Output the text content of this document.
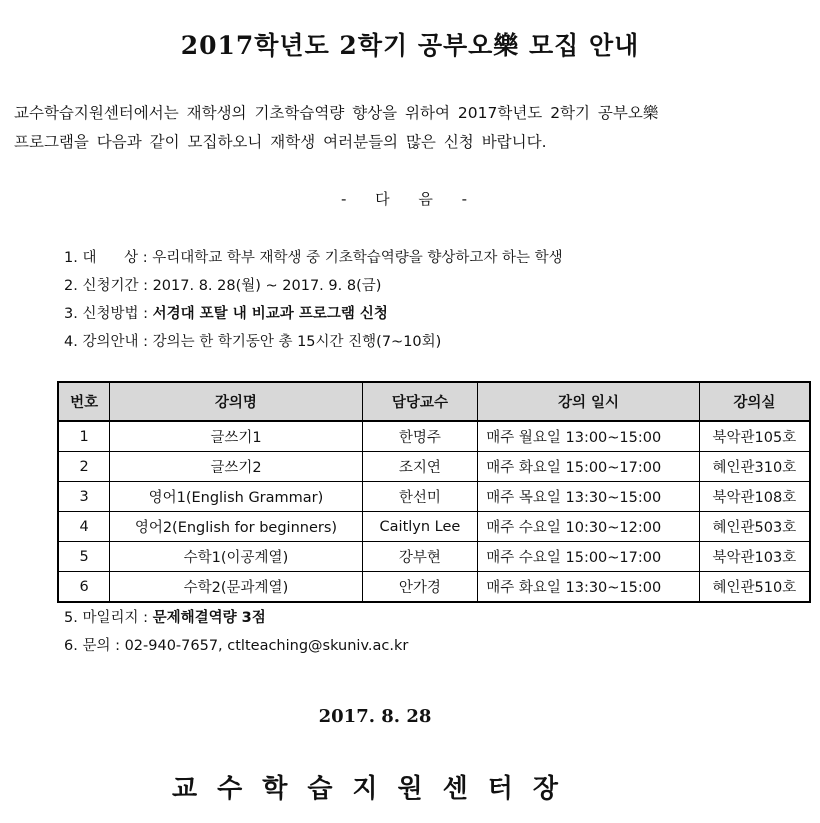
2017학년도 2학기 공부오樂 모집 안내

교수학습지원센터에서는 재학생의 기초학습역량 향상을 위하여 2017학년도 2학기 공부오樂

프로그램을 다음과 같이 모집하오니 재학생 여러분들의 많은 신청 바랍니다.

- 다 음 -
1. 대      상 : 우리대학교 학부 재학생 중 기초학습역량을 향상하고자 하는 학생
2. 신청기간 : 2017. 8. 28(월) ~ 2017. 9. 8(금)
3. 신청방법 : 서경대 포탈 내 비교과 프로그램 신청
4. 강의안내 : 강의는 한 학기동안 총 15시간 진행(7~10회)
번호	강의명	담당교수	강의 일시	강의실
1	글쓰기1	한명주	매주 월요일 13:00~15:00	북악관105호
2	글쓰기2	조지연	매주 화요일 15:00~17:00	혜인관310호
3	영어1(English Grammar)	한선미	매주 목요일 13:30~15:00	북악관108호
4	영어2(English for beginners)	Caitlyn Lee	매주 수요일 10:30~12:00	혜인관503호
5	수학1(이공계열)	강부현	매주 수요일 15:00~17:00	북악관103호
6	수학2(문과계열)	안가경	매주 화요일 13:30~15:00	혜인관510호
5. 마일리지 : 문제해결역량 3점
6. 문의 : 02-940-7657, ctlteaching@skuniv.ac.kr
2017. 8. 28
교수학습지원센터장
